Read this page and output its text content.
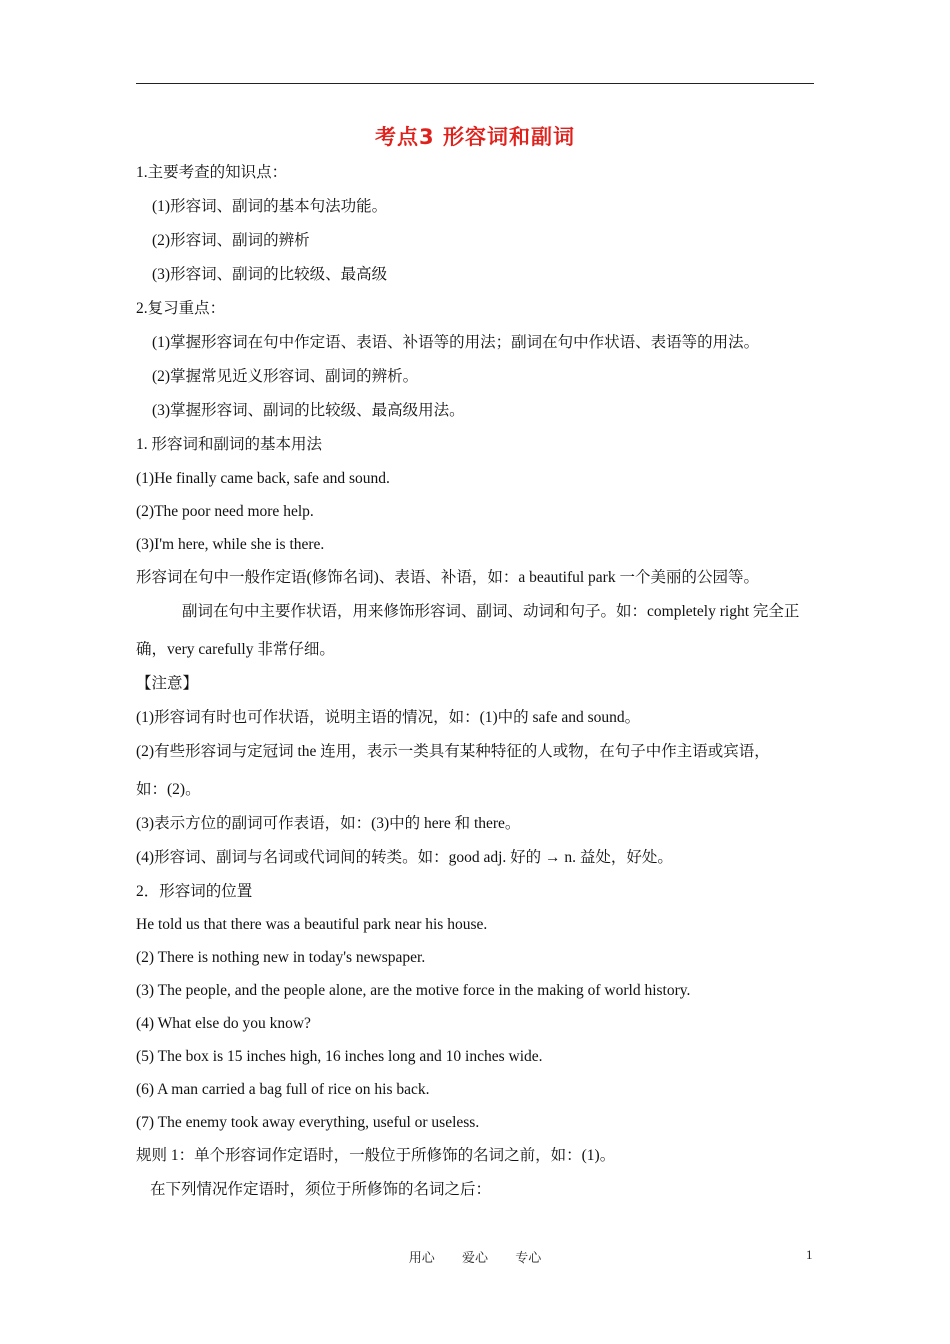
考点3 形容词和副词
1.主要考查的知识点：
(1)形容词、副词的基本句法功能。
(2)形容词、副词的辨析
(3)形容词、副词的比较级、最高级
2.复习重点：
(1)掌握形容词在句中作定语、表语、补语等的用法；副词在句中作状语、表语等的用法。
(2)掌握常见近义形容词、副词的辨析。
(3)掌握形容词、副词的比较级、最高级用法。
1. 形容词和副词的基本用法
(1)He finally came back, safe and sound.
(2)The poor need more help.
(3)I'm here, while she is there.
形容词在句中一般作定语(修饰名词)、表语、补语，如：a beautiful park 一个美丽的公园等。
副词在句中主要作状语，用来修饰形容词、副词、动词和句子。如：completely right 完全正
确，very carefully 非常仔细。
【注意】
(1)形容词有时也可作状语，说明主语的情况，如：(1)中的 safe and sound。
(2)有些形容词与定冠词 the 连用，表示一类具有某种特征的人或物，在句子中作主语或宾语，
如：(2)。
(3)表示方位的副词可作表语，如：(3)中的 here 和 there。
(4)形容词、副词与名词或代词间的转类。如：good adj. 好的 → n. 益处，好处。
2．形容词的位置
He told us that there was a beautiful park near his house.
(2) There is nothing new in today's newspaper.
(3) The people, and the people alone, are the motive force in the making of world history.
(4) What else do you know?
(5) The box is 15 inches high, 16 inches long and 10 inches wide.
(6) A man carried a bag full of rice on his back.
(7) The enemy took away everything, useful or useless.
规则 1：单个形容词作定语时，一般位于所修饰的名词之前，如：(1)。
在下列情况作定语时，须位于所修饰的名词之后：
用心 爱心 专心	1
